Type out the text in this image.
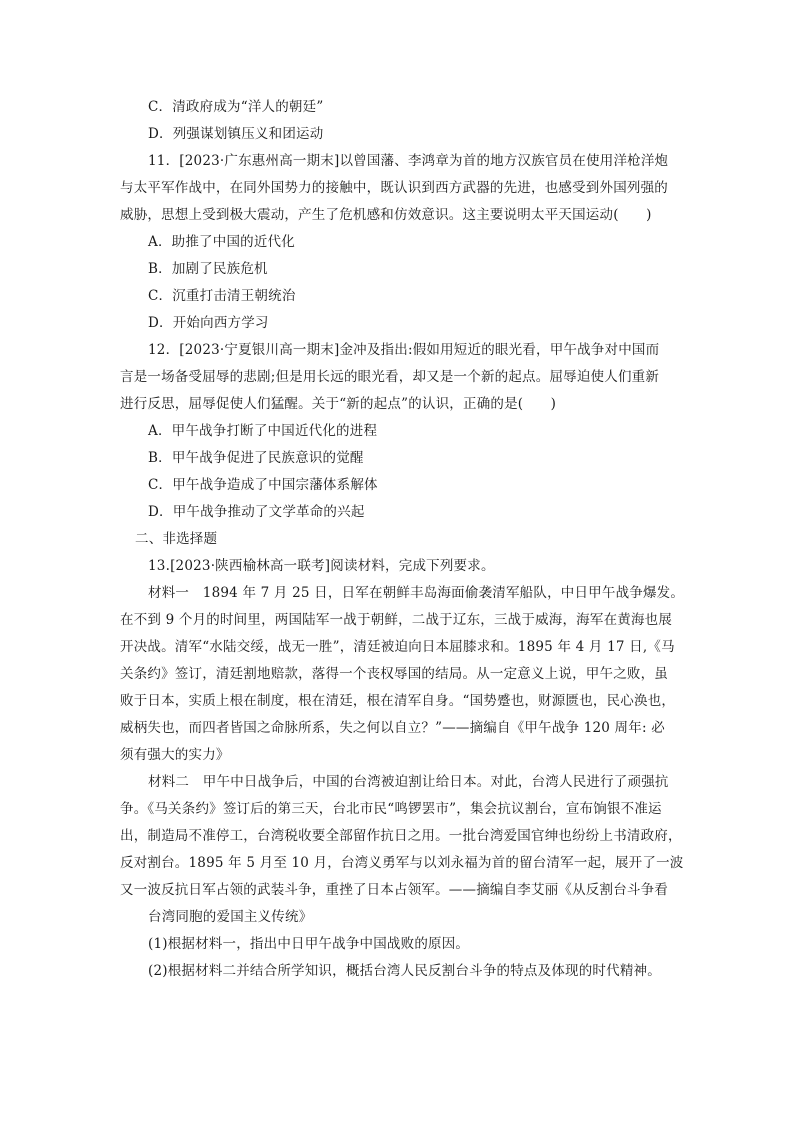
C．清政府成为“洋人的朝廷”
D．列强谋划镇压义和团运动
11．[2023·广东惠州高一期末]以曾国藩、李鸿章为首的地方汉族官员在使用洋枪洋炮
与太平军作战中，在同外国势力的接触中，既认识到西方武器的先进，也感受到外国列强的
威胁，思想上受到极大震动，产生了危机感和仿效意识。这主要说明太平天国运动(　　)
A．助推了中国的近代化
B．加剧了民族危机
C．沉重打击清王朝统治
D．开始向西方学习
12．[2023·宁夏银川高一期末]金冲及指出:假如用短近的眼光看，甲午战争对中国而
言是一场备受屈辱的悲剧;但是用长远的眼光看，却又是一个新的起点。屈辱迫使人们重新
进行反思，屈辱促使人们猛醒。关于“新的起点”的认识，正确的是(　　)
A．甲午战争打断了中国近代化的进程
B．甲午战争促进了民族意识的觉醒
C．甲午战争造成了中国宗藩体系解体
D．甲午战争推动了文学革命的兴起
二、非选择题
13.[2023·陕西榆林高一联考]阅读材料，完成下列要求。
材料一　1894 年 7 月 25 日，日军在朝鲜丰岛海面偷袭清军船队，中日甲午战争爆发。
在不到 9 个月的时间里，两国陆军一战于朝鲜，二战于辽东，三战于威海，海军在黄海也展
开决战。清军“水陆交绥，战无一胜”，清廷被迫向日本屈膝求和。1895 年 4 月 17 日,《马
关条约》签订，清廷割地赔款，落得一个丧权辱国的结局。从一定意义上说，甲午之败，虽
败于日本，实质上根在制度，根在清廷，根在清军自身。“国势蹙也，财源匮也，民心涣也，
威柄失也，而四者皆国之命脉所系，失之何以自立？”——摘编自《甲午战争 120 周年: 必
须有强大的实力》
材料二　甲午中日战争后，中国的台湾被迫割让给日本。对此，台湾人民进行了顽强抗
争。《马关条约》签订后的第三天，台北市民“鸣锣罢市”，集会抗议割台，宣布饷银不准运
出，制造局不准停工，台湾税收要全部留作抗日之用。一批台湾爱国官绅也纷纷上书清政府，
反对割台。1895 年 5 月至 10 月，台湾义勇军与以刘永福为首的留台清军一起，展开了一波
又一波反抗日军占领的武装斗争，重挫了日本占领军。——摘编自李艾丽《从反割台斗争看
台湾同胞的爱国主义传统》
(1)根据材料一，指出中日甲午战争中国战败的原因。
(2)根据材料二并结合所学知识，概括台湾人民反割台斗争的特点及体现的时代精神。
